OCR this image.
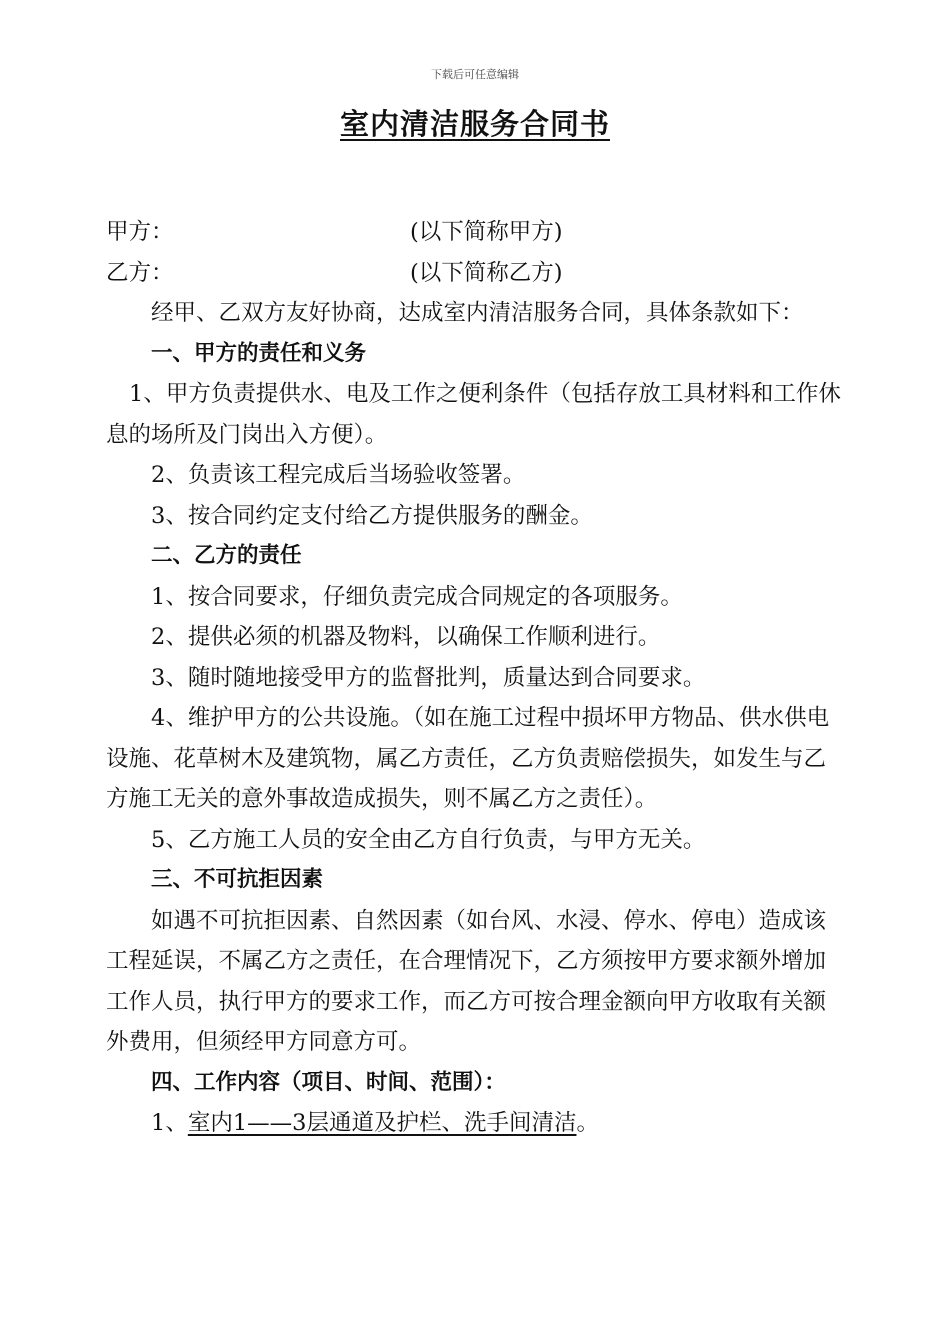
下载后可任意编辑
室内清洁服务合同书
甲方：	(以下简称甲方)
乙方：	(以下简称乙方)

经甲、乙双方友好协商，达成室内清洁服务合同，具体条款如下：

一、甲方的责任和义务

1、甲方负责提供水、电及工作之便利条件（包括存放工具材料和工作休息的场所及门岗出入方便）。

2、负责该工程完成后当场验收签署。

3、按合同约定支付给乙方提供服务的酬金。

二、乙方的责任

1、按合同要求，仔细负责完成合同规定的各项服务。

2、提供必须的机器及物料，以确保工作顺利进行。

3、随时随地接受甲方的监督批判，质量达到合同要求。

4、维护甲方的公共设施。（如在施工过程中损坏甲方物品、供水供电设施、花草树木及建筑物，属乙方责任，乙方负责赔偿损失，如发生与乙方施工无关的意外事故造成损失，则不属乙方之责任）。

5、乙方施工人员的安全由乙方自行负责，与甲方无关。

三、不可抗拒因素

如遇不可抗拒因素、自然因素（如台风、水浸、停水、停电）造成该工程延误，不属乙方之责任，在合理情况下，乙方须按甲方要求额外增加工作人员，执行甲方的要求工作，而乙方可按合理金额向甲方收取有关额外费用，但须经甲方同意方可。

四、工作内容（项目、时间、范围）：

1、室内1——3层通道及护栏、洗手间清洁。
